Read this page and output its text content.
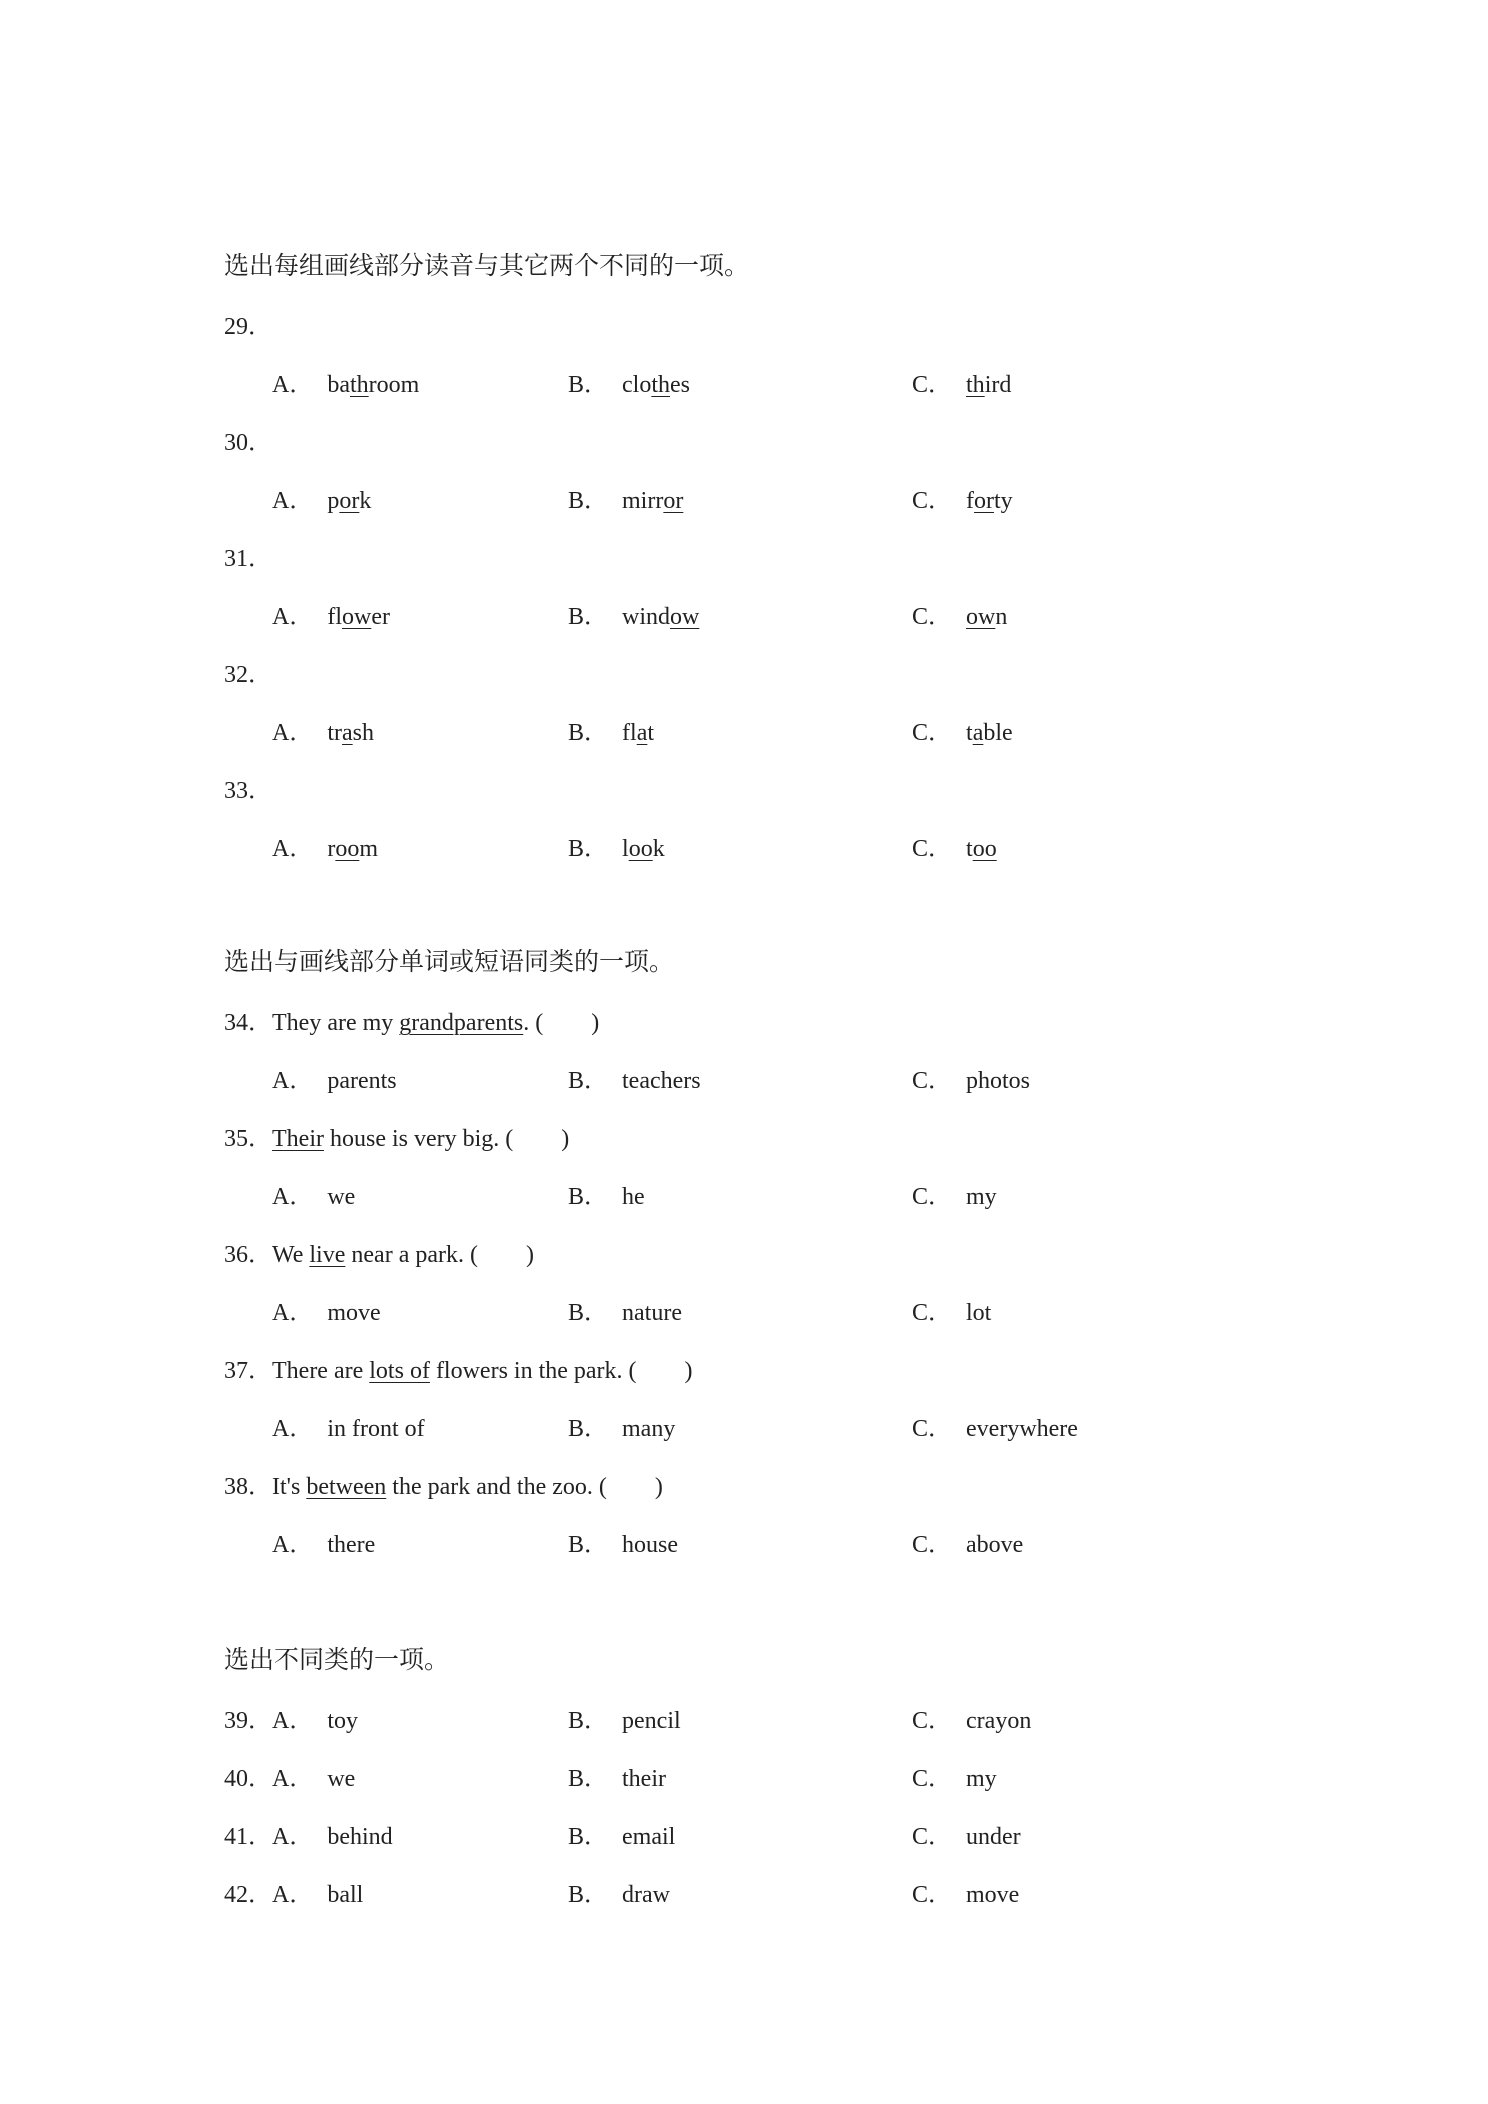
选出每组画线部分读音与其它两个不同的一项。
29．
A． bathroom	B． clothes	C． third
30．
A． pork	B． mirror	C． forty
31．
A． flower	B． window	C． own
32．
A． trash	B． flat	C． table
33．
A． room	B． look	C． too
选出与画线部分单词或短语同类的一项。
34．They are my grandparents. (　　)
A． parents	B． teachers	C． photos
35．Their house is very big. (　　)
A． we	B． he	C． my
36．We live near a park. (　　)
A． move	B． nature	C． lot
37．There are lots of flowers in the park. (　　)
A． in front of	B． many	C． everywhere
38．It's between the park and the zoo. (　　)
A． there	B． house	C． above
选出不同类的一项。
39．A． toy	B． pencil	C． crayon
40．A． we	B． their	C． my
41．A． behind	B． email	C． under
42．A． ball	B． draw	C． move
